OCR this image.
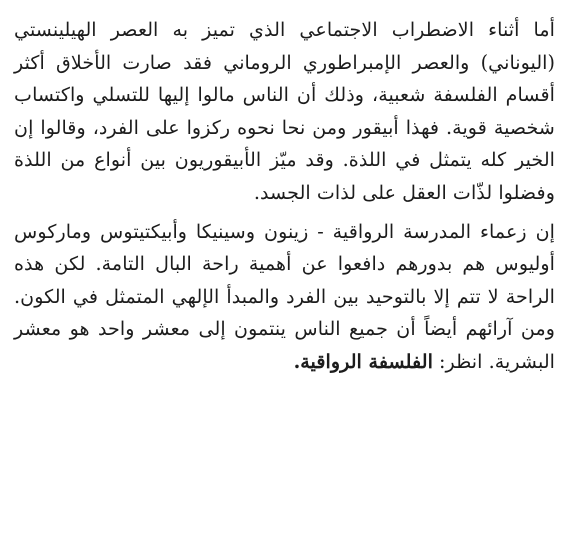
أما أثناء الاضطراب الاجتماعي الذي تميز به العصر الهيلينستي (اليوناني) والعصر الإمبراطوري الروماني فقد صارت الأخلاق أكثر أقسام الفلسفة شعبية، وذلك أن الناس مالوا إليها للتسلي واكتساب شخصية قوية. فهذا أبيقور ومن نحا نحوه ركزوا على الفرد، وقالوا إن الخير كله يتمثل في اللذة. وقد ميّز الأبيقوريون بين أنواع من اللذة وفضلوا لذّات العقل على لذات الجسد.

إن زعماء المدرسة الرواقية - زينون وسينيكا وأبيكتيتوس وماركوس أوليوس هم بدورهم دافعوا عن أهمية راحة البال التامة. لكن هذه الراحة لا تتم إلا بالتوحيد بين الفرد والمبدأ الإلهي المتمثل في الكون. ومن آرائهم أيضاً أن جميع الناس ينتمون إلى معشر واحد هو معشر البشرية. انظر: الفلسفة الرواقية.
